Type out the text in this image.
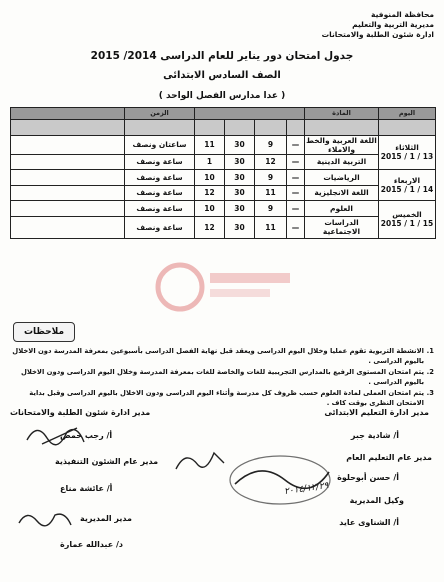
محافظة المنوفية
مديرية التربية والتعليم
ادارة شئون الطلبة والامتحانات
جدول امتحان دور يناير للعام الدراسى 2014/ 2015
الصف السادس الابتدائى
( عدا مدارس الفصل الواحد )
اليوم	المادة					الزمن	

الثلاثاء
2015 / 1 / 13	اللغة العربية والخط والاملاء	—	9	30	11	ساعتان ونصف	
	التربية الدينية	—	12	30	1	ساعة ونصف	

الاربعاء
2015 / 1 / 14	الرياضيات	—	9	30	10	ساعة ونصف	
	اللغة الانجليزية	—	11	30	12	ساعة ونصف	

الخميس
2015 / 1 / 15	العلوم	—	9	30	10	ساعة ونصف	
	الدراسات الاجتماعية	—	11	30	12	ساعة ونصف	
ملاحظات
1.
الانشطة التربوية تقوم عمليا وخلال اليوم الدراسى ويعقد قبل نهاية الفصل الدراسى بأسبوعين بمعرفة المدرسة دون الاخلال باليوم الدراسى .
2.
يتم امتحان المستوى الرفيع بالمدارس التجريبية للغات والخاصة للغات بمعرفة المدرسة وخلال اليوم الدراسى ودون الاخلال باليوم الدراسى .
3.
يتم امتحان العملى لمادة العلوم حسب ظروف كل مدرسة وأثناء اليوم الدراسى ودون الاخلال باليوم الدراسى وقبل بداية الامتحان النظرى بوقت كاف .
مدير ادارة التعليم الابتدائى
أ/ شادية جبر
مدير ادارة شئون الطلبة والامتحانات
أ/ رجب حمص
مدير عام التعليم العام
أ/ حسن أبوحلوة
مدير عام الشئون التنفيذية
أ/ عائشة مناع
وكيل المديرية
أ/ الشناوى عايد
مدير المديرية
د/ عبدالله عمارة
٢٠١٤/١٢/٢٩
